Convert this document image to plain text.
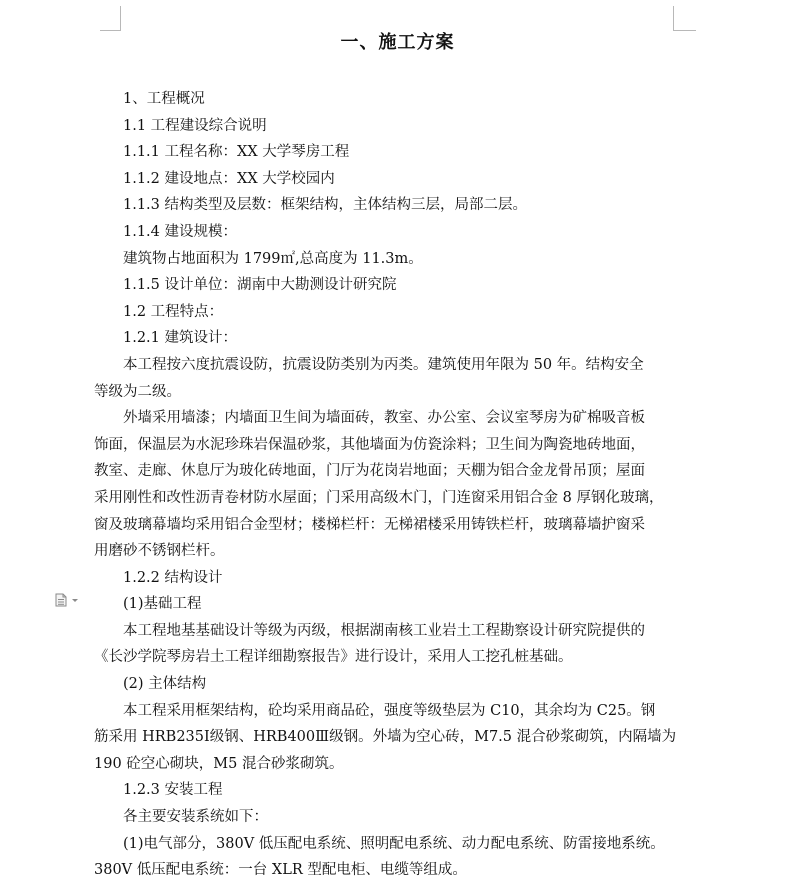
一、施工方案
1、工程概况
1.1 工程建设综合说明
1.1.1 工程名称：XX 大学琴房工程
1.1.2 建设地点：XX 大学校园内
1.1.3 结构类型及层数：框架结构，主体结构三层，局部二层。
1.1.4 建设规模：
建筑物占地面积为 1799㎡,总高度为 11.3m。
1.1.5 设计单位：湖南中大勘测设计研究院
1.2 工程特点：
1.2.1 建筑设计：
本工程按六度抗震设防，抗震设防类别为丙类。建筑使用年限为 50 年。结构安全
等级为二级。
外墙采用墙漆；内墙面卫生间为墙面砖，教室、办公室、会议室琴房为矿棉吸音板
饰面，保温层为水泥珍珠岩保温砂浆，其他墙面为仿瓷涂料；卫生间为陶瓷地砖地面，
教室、走廊、休息厅为玻化砖地面，门厅为花岗岩地面；天棚为铝合金龙骨吊顶；屋面
采用刚性和改性沥青卷材防水屋面；门采用高级木门，门连窗采用铝合金 8 厚钢化玻璃，
窗及玻璃幕墙均采用铝合金型材；楼梯栏杆：无梯裙楼采用铸铁栏杆，玻璃幕墙护窗采
用磨砂不锈钢栏杆。
1.2.2 结构设计
(1)基础工程
本工程地基基础设计等级为丙级，根据湖南核工业岩土工程勘察设计研究院提供的
《长沙学院琴房岩土工程详细勘察报告》进行设计，采用人工挖孔桩基础。
(2) 主体结构
本工程采用框架结构，砼均采用商品砼，强度等级垫层为 C10，其余均为 C25。钢
筋采用 HRB235Ⅰ级钢、HRB400Ⅲ级钢。外墙为空心砖，M7.5 混合砂浆砌筑，内隔墙为
190 砼空心砌块，M5 混合砂浆砌筑。
1.2.3 安装工程
各主要安装系统如下：
(1)电气部分，380V 低压配电系统、照明配电系统、动力配电系统、防雷接地系统。
380V 低压配电系统：一台 XLR 型配电柜、电缆等组成。
